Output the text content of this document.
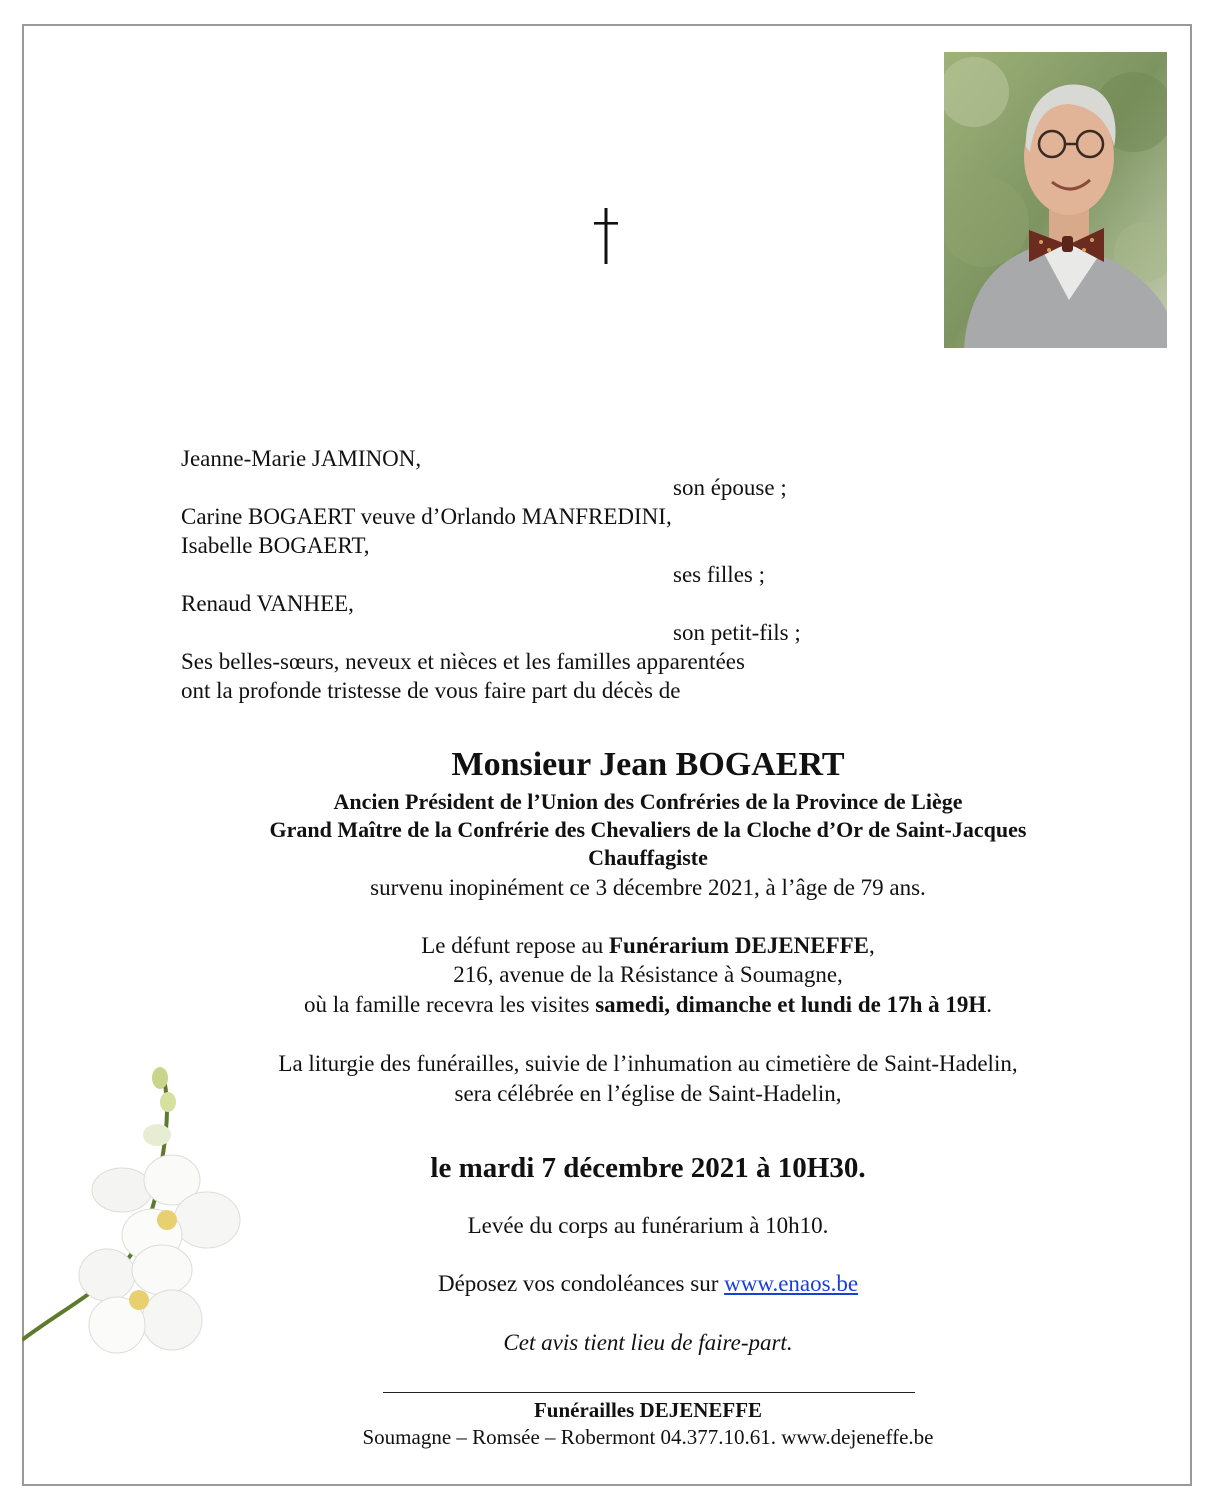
Jeanne-Marie JAMINON,
son épouse ;
Carine BOGAERT veuve d’Orlando MANFREDINI,
Isabelle BOGAERT,
ses filles ;
Renaud VANHEE,
son petit-fils ;
Ses belles-sœurs, neveux et nièces et les familles apparentées
ont la profonde tristesse de vous faire part du décès de
Monsieur Jean BOGAERT
Ancien Président de l’Union des Confréries de la Province de Liège
Grand Maître de la Confrérie des Chevaliers de la Cloche d’Or de Saint-Jacques
Chauffagiste
survenu inopinément ce 3 décembre 2021, à l’âge de 79 ans.
Le défunt repose au Funérarium DEJENEFFE,
216, avenue de la Résistance à Soumagne,
où la famille recevra les visites samedi, dimanche et lundi de 17h à 19H.
La liturgie des funérailles, suivie de l’inhumation au cimetière de Saint-Hadelin,
sera célébrée en l’église de Saint-Hadelin,
le mardi 7 décembre 2021 à 10H30.
Levée du corps au funérarium à 10h10.
Déposez vos condoléances sur www.enaos.be
Cet avis tient lieu de faire-part.
Funérailles DEJENEFFE
Soumagne – Romsée – Robermont 04.377.10.61. www.dejeneffe.be
